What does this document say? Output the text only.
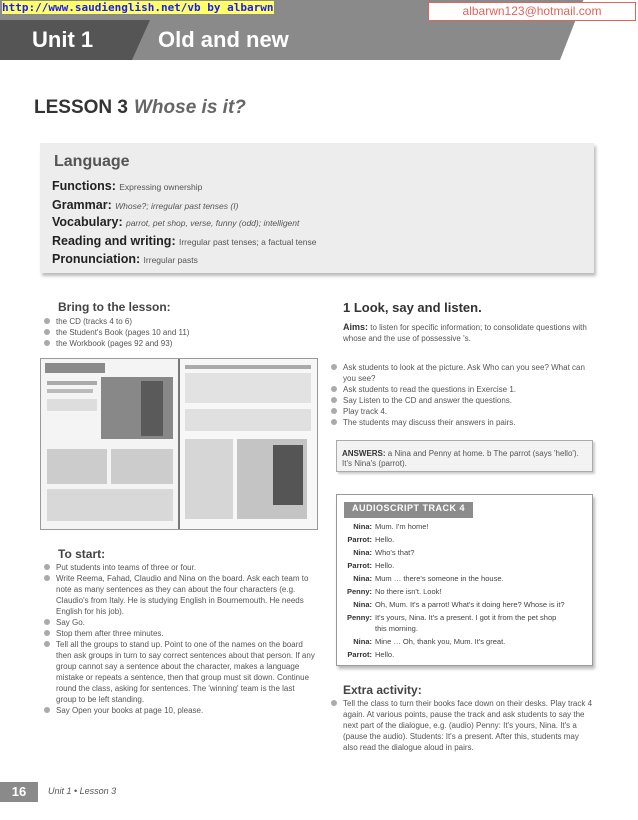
http://www.saudienglish.net/vb by albarwn	albarwn123@hotmail.com
Unit 1	Old and new
LESSON 3 Whose is it?
Language
Functions: Expressing ownership
Grammar: Whose?; irregular past tenses (I)
Vocabulary: parrot, pet shop, verse, funny (odd); intelligent
Reading and writing: Irregular past tenses; a factual tense
Pronunciation: Irregular pasts
Bring to the lesson:
the CD (tracks 4 to 6)
the Student's Book (pages 10 and 11)
the Workbook (pages 92 and 93)
To start:
Put students into teams of three or four.
Write Reema, Fahad, Claudio and Nina on the board. Ask each team to note as many sentences as they can about the four characters (e.g. Claudio's from Italy. He is studying English in Bournemouth. He needs English for his job).
Say Go.
Stop them after three minutes.
Tell all the groups to stand up. Point to one of the names on the board then ask groups in turn to say correct sentences about that person. If any group cannot say a sentence about the character, makes a language mistake or repeats a sentence, then that group must sit down. Continue round the class, asking for sentences. The 'winning' team is the last group to be left standing.
Say Open your books at page 10, please.
1 Look, say and listen.
Aims: to listen for specific information; to consolidate questions with whose and the use of possessive 's.
Ask students to look at the picture. Ask Who can you see? What can you see?
Ask students to read the questions in Exercise 1.
Say Listen to the CD and answer the questions.
Play track 4.
The students may discuss their answers in pairs.
ANSWERS: a Nina and Penny at home. b The parrot (says 'hello'). It's Nina's (parrot).
AUDIOSCRIPT TRACK 4
Nina: Mum. I'm home!
Parrot: Hello.
Nina: Who's that?
Parrot: Hello.
Nina: Mum … there's someone in the house.
Penny: No there isn't. Look!
Nina: Oh, Mum. It's a parrot! What's it doing here? Whose is it?
Penny: It's yours, Nina. It's a present. I got it from the pet shop
this morning.
Nina: Mine … Oh, thank you, Mum. It's great.
Parrot: Hello.
Extra activity:
Tell the class to turn their books face down on their desks. Play track 4 again. At various points, pause the track and ask students to say the next part of the dialogue, e.g. (audio) Penny: It's yours, Nina. It's a (pause the audio). Students: It's a present. After this, students may also read the dialogue aloud in pairs.
16	Unit 1 • Lesson 3
